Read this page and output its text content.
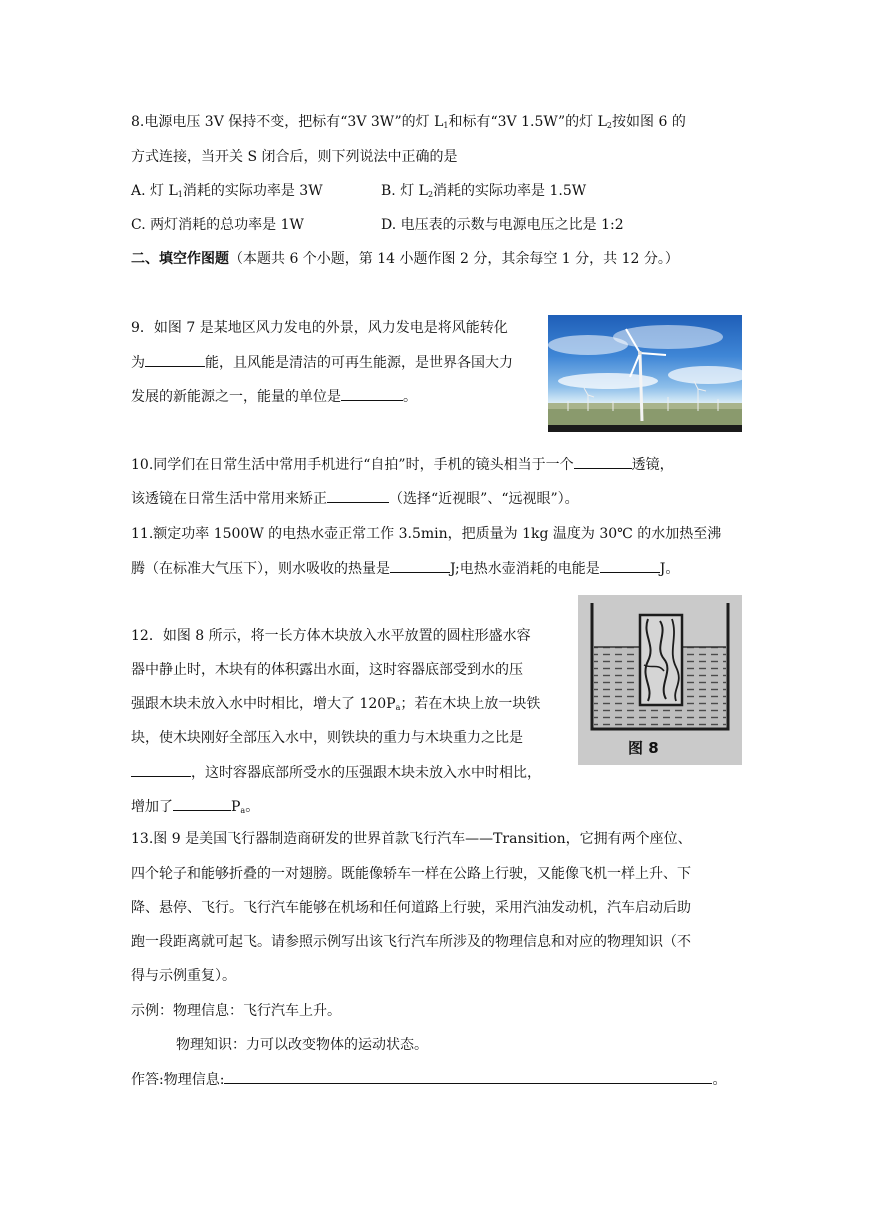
8.电源电压 3V 保持不变，把标有“3V 3W”的灯 $L_1$和标有“3V 1.5W”的灯 $L_2$按如图 6 的
方式连接，当开关 S 闭合后，则下列说法中正确的是
A. 灯 $L_1$消耗的实际功率是 3W	B. 灯 $L_2$消耗的实际功率是 1.5W
C. 两灯消耗的总功率是 1W	D. 电压表的示数与电源电压之比是 1:2
二、填空作图题（本题共 6 个小题，第 14 小题作图 2 分，其余每空 1 分，共 12 分。）
9．如图 7 是某地区风力发电的外景，风力发电是将风能转化
为	能，且风能是清洁的可再生能源，是世界各国大力
发展的新能源之一，能量的单位是	。
10.同学们在日常生活中常用手机进行“自拍”时，手机的镜头相当于一个	透镜，
该透镜在日常生活中常用来矫正	（选择“近视眼”、“远视眼”）。
11.额定功率 1500W 的电热水壶正常工作 3.5min，把质量为 1kg 温度为 30℃ 的水加热至沸
腾（在标准大气压下），则水吸收的热量是	J;电热水壶消耗的电能是	J。
12．如图 8 所示，将一长方体木块放入水平放置的圆柱形盛水容
器中静止时，木块有的体积露出水面，这时容器底部受到水的压
强跟木块未放入水中时相比，增大了 $120P_a$；若在木块上放一块铁
块，使木块刚好全部压入水中，则铁块的重力与木块重力之比是
，这时容器底部所受水的压强跟木块未放入水中时相比，
增加了	$P_a$。
图 8
13.图 9 是美国飞行器制造商研发的世界首款飞行汽车——Transition，它拥有两个座位、
四个轮子和能够折叠的一对翅膀。既能像轿车一样在公路上行驶，又能像飞机一样上升、下
降、悬停、飞行。飞行汽车能够在机场和任何道路上行驶，采用汽油发动机，汽车启动后助
跑一段距离就可起飞。请参照示例写出该飞行汽车所涉及的物理信息和对应的物理知识（不
得与示例重复）。
示例：物理信息：飞行汽车上升。
物理知识：力可以改变物体的运动状态。
作答:物理信息:	。
